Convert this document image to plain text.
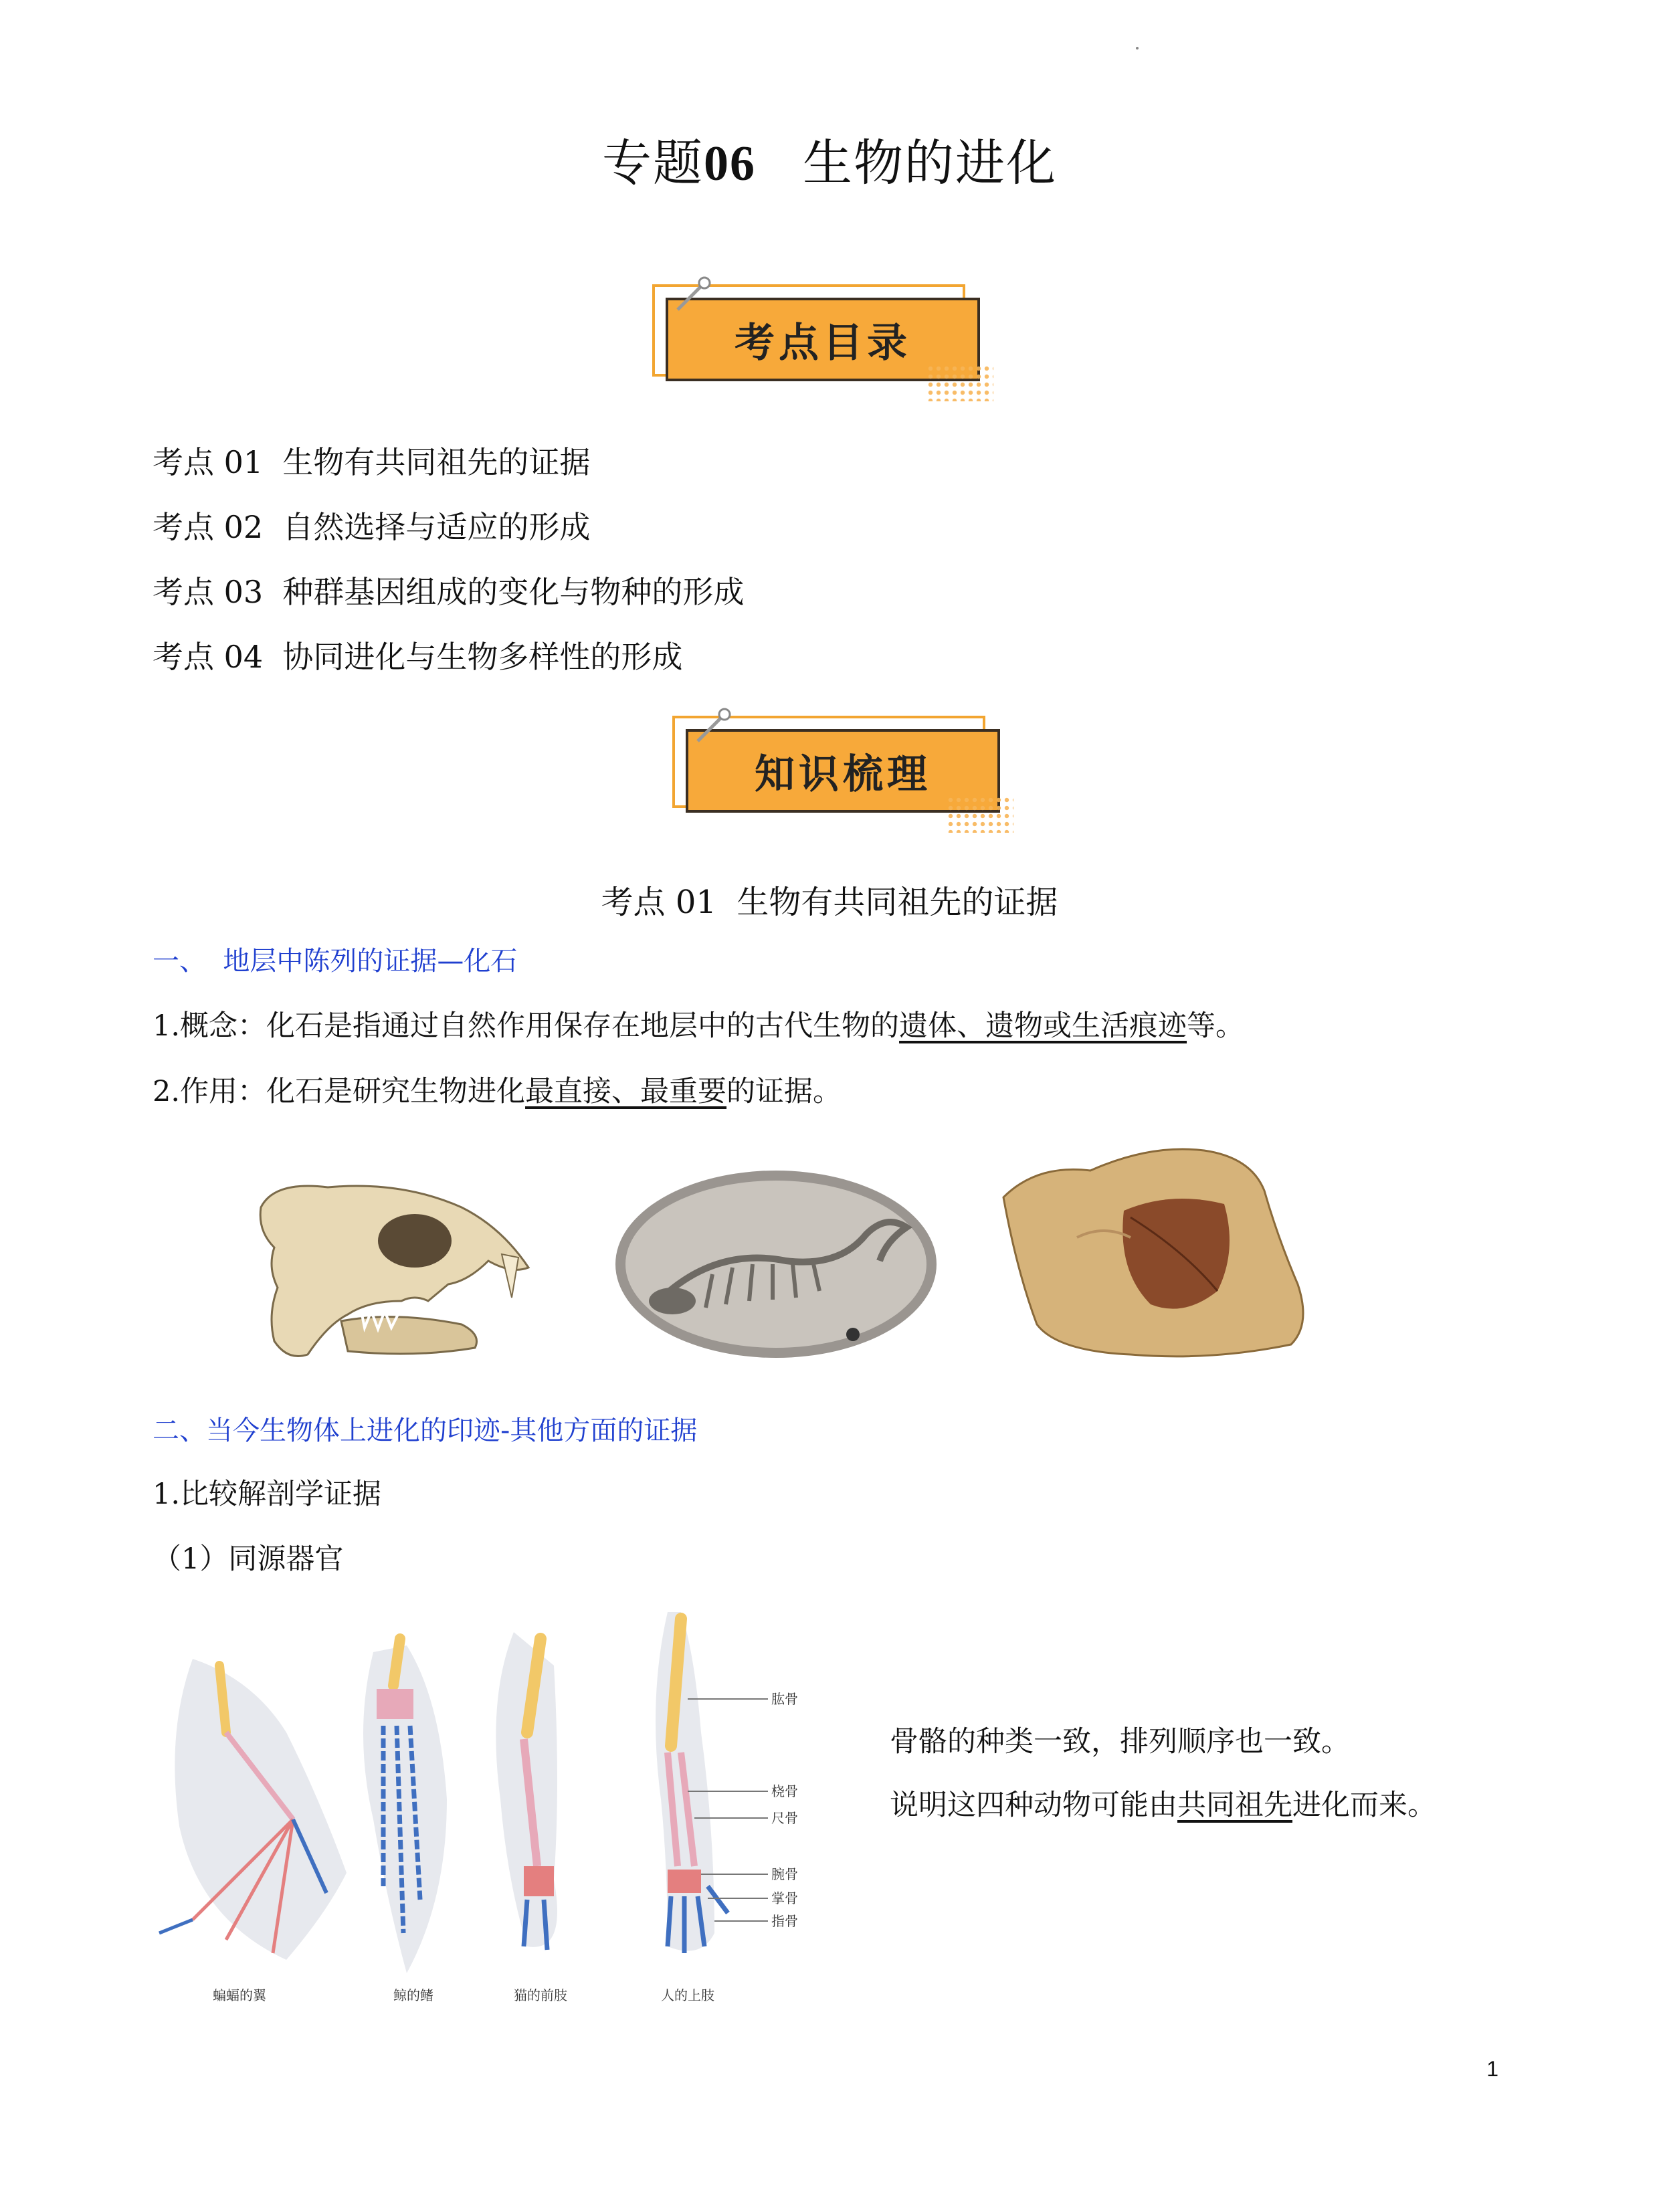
专题06 生物的进化
考点目录
考点 01 生物有共同祖先的证据
考点 02 自然选择与适应的形成
考点 03 种群基因组成的变化与物种的形成
考点 04 协同进化与生物多样性的形成
知识梳理
考点 01 生物有共同祖先的证据
一、  地层中陈列的证据—化石
1.概念：化石是指通过自然作用保存在地层中的古代生物的遗体、遗物或生活痕迹等。
2.作用：化石是研究生物进化最直接、最重要的证据。
二、当今生物体上进化的印迹-其他方面的证据
1.比较解剖学证据
（1）同源器官
蝙蝠的翼	鲸的鳍	猫的前肢	人的上肢
肱骨
桡骨
尺骨
腕骨
掌骨
指骨
骨骼的种类一致，排列顺序也一致。
说明这四种动物可能由共同祖先进化而来。
1
